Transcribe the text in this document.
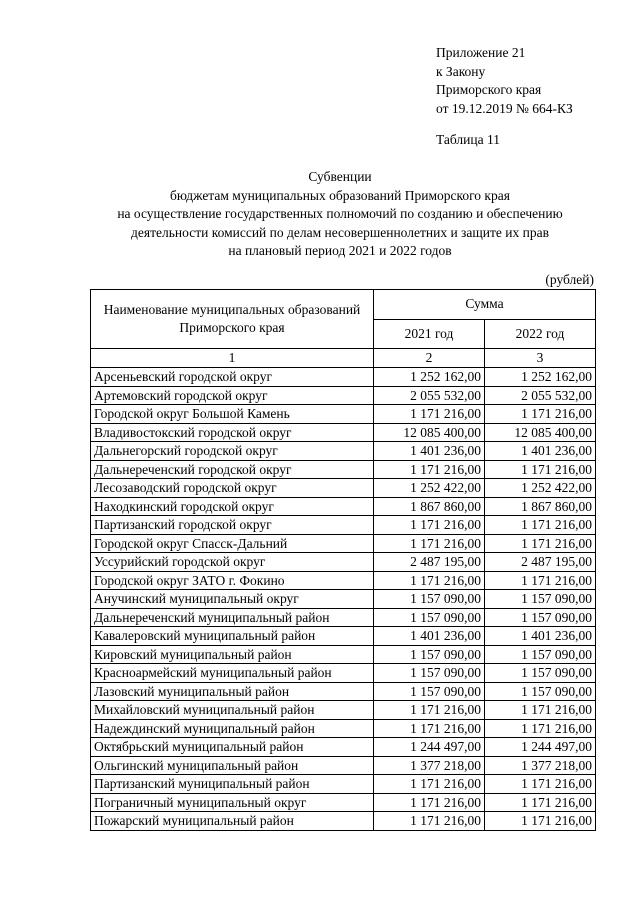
Приложение 21
к Закону
Приморского края
от 19.12.2019 № 664-КЗ
Таблица 11
Субвенции
бюджетам муниципальных образований Приморского края
на осуществление государственных полномочий по созданию и обеспечению
деятельности комиссий по делам несовершеннолетних и защите их прав
на плановый период 2021 и 2022 годов
(рублей)
Наименование муниципальных образований Приморского края	Сумма	
	2021 год	2022 год
1	2	3
Арсеньевский городской округ	1 252 162,00	1 252 162,00
Артемовский городской округ	2 055 532,00	2 055 532,00
Городской округ Большой Камень	1 171 216,00	1 171 216,00
Владивостокский городской округ	12 085 400,00	12 085 400,00
Дальнегорский городской округ	1 401 236,00	1 401 236,00
Дальнереченский городской округ	1 171 216,00	1 171 216,00
Лесозаводский городской округ	1 252 422,00	1 252 422,00
Находкинский городской округ	1 867 860,00	1 867 860,00
Партизанский городской округ	1 171 216,00	1 171 216,00
Городской округ Спасск-Дальний	1 171 216,00	1 171 216,00
Уссурийский городской округ	2 487 195,00	2 487 195,00
Городской округ ЗАТО г. Фокино	1 171 216,00	1 171 216,00
Анучинский муниципальный округ	1 157 090,00	1 157 090,00
Дальнереченский муниципальный район	1 157 090,00	1 157 090,00
Кавалеровский муниципальный район	1 401 236,00	1 401 236,00
Кировский муниципальный район	1 157 090,00	1 157 090,00
Красноармейский муниципальный район	1 157 090,00	1 157 090,00
Лазовский муниципальный район	1 157 090,00	1 157 090,00
Михайловский муниципальный район	1 171 216,00	1 171 216,00
Надеждинский муниципальный район	1 171 216,00	1 171 216,00
Октябрьский муниципальный район	1 244 497,00	1 244 497,00
Ольгинский муниципальный район	1 377 218,00	1 377 218,00
Партизанский муниципальный район	1 171 216,00	1 171 216,00
Пограничный муниципальный округ	1 171 216,00	1 171 216,00
Пожарский муниципальный район	1 171 216,00	1 171 216,00
